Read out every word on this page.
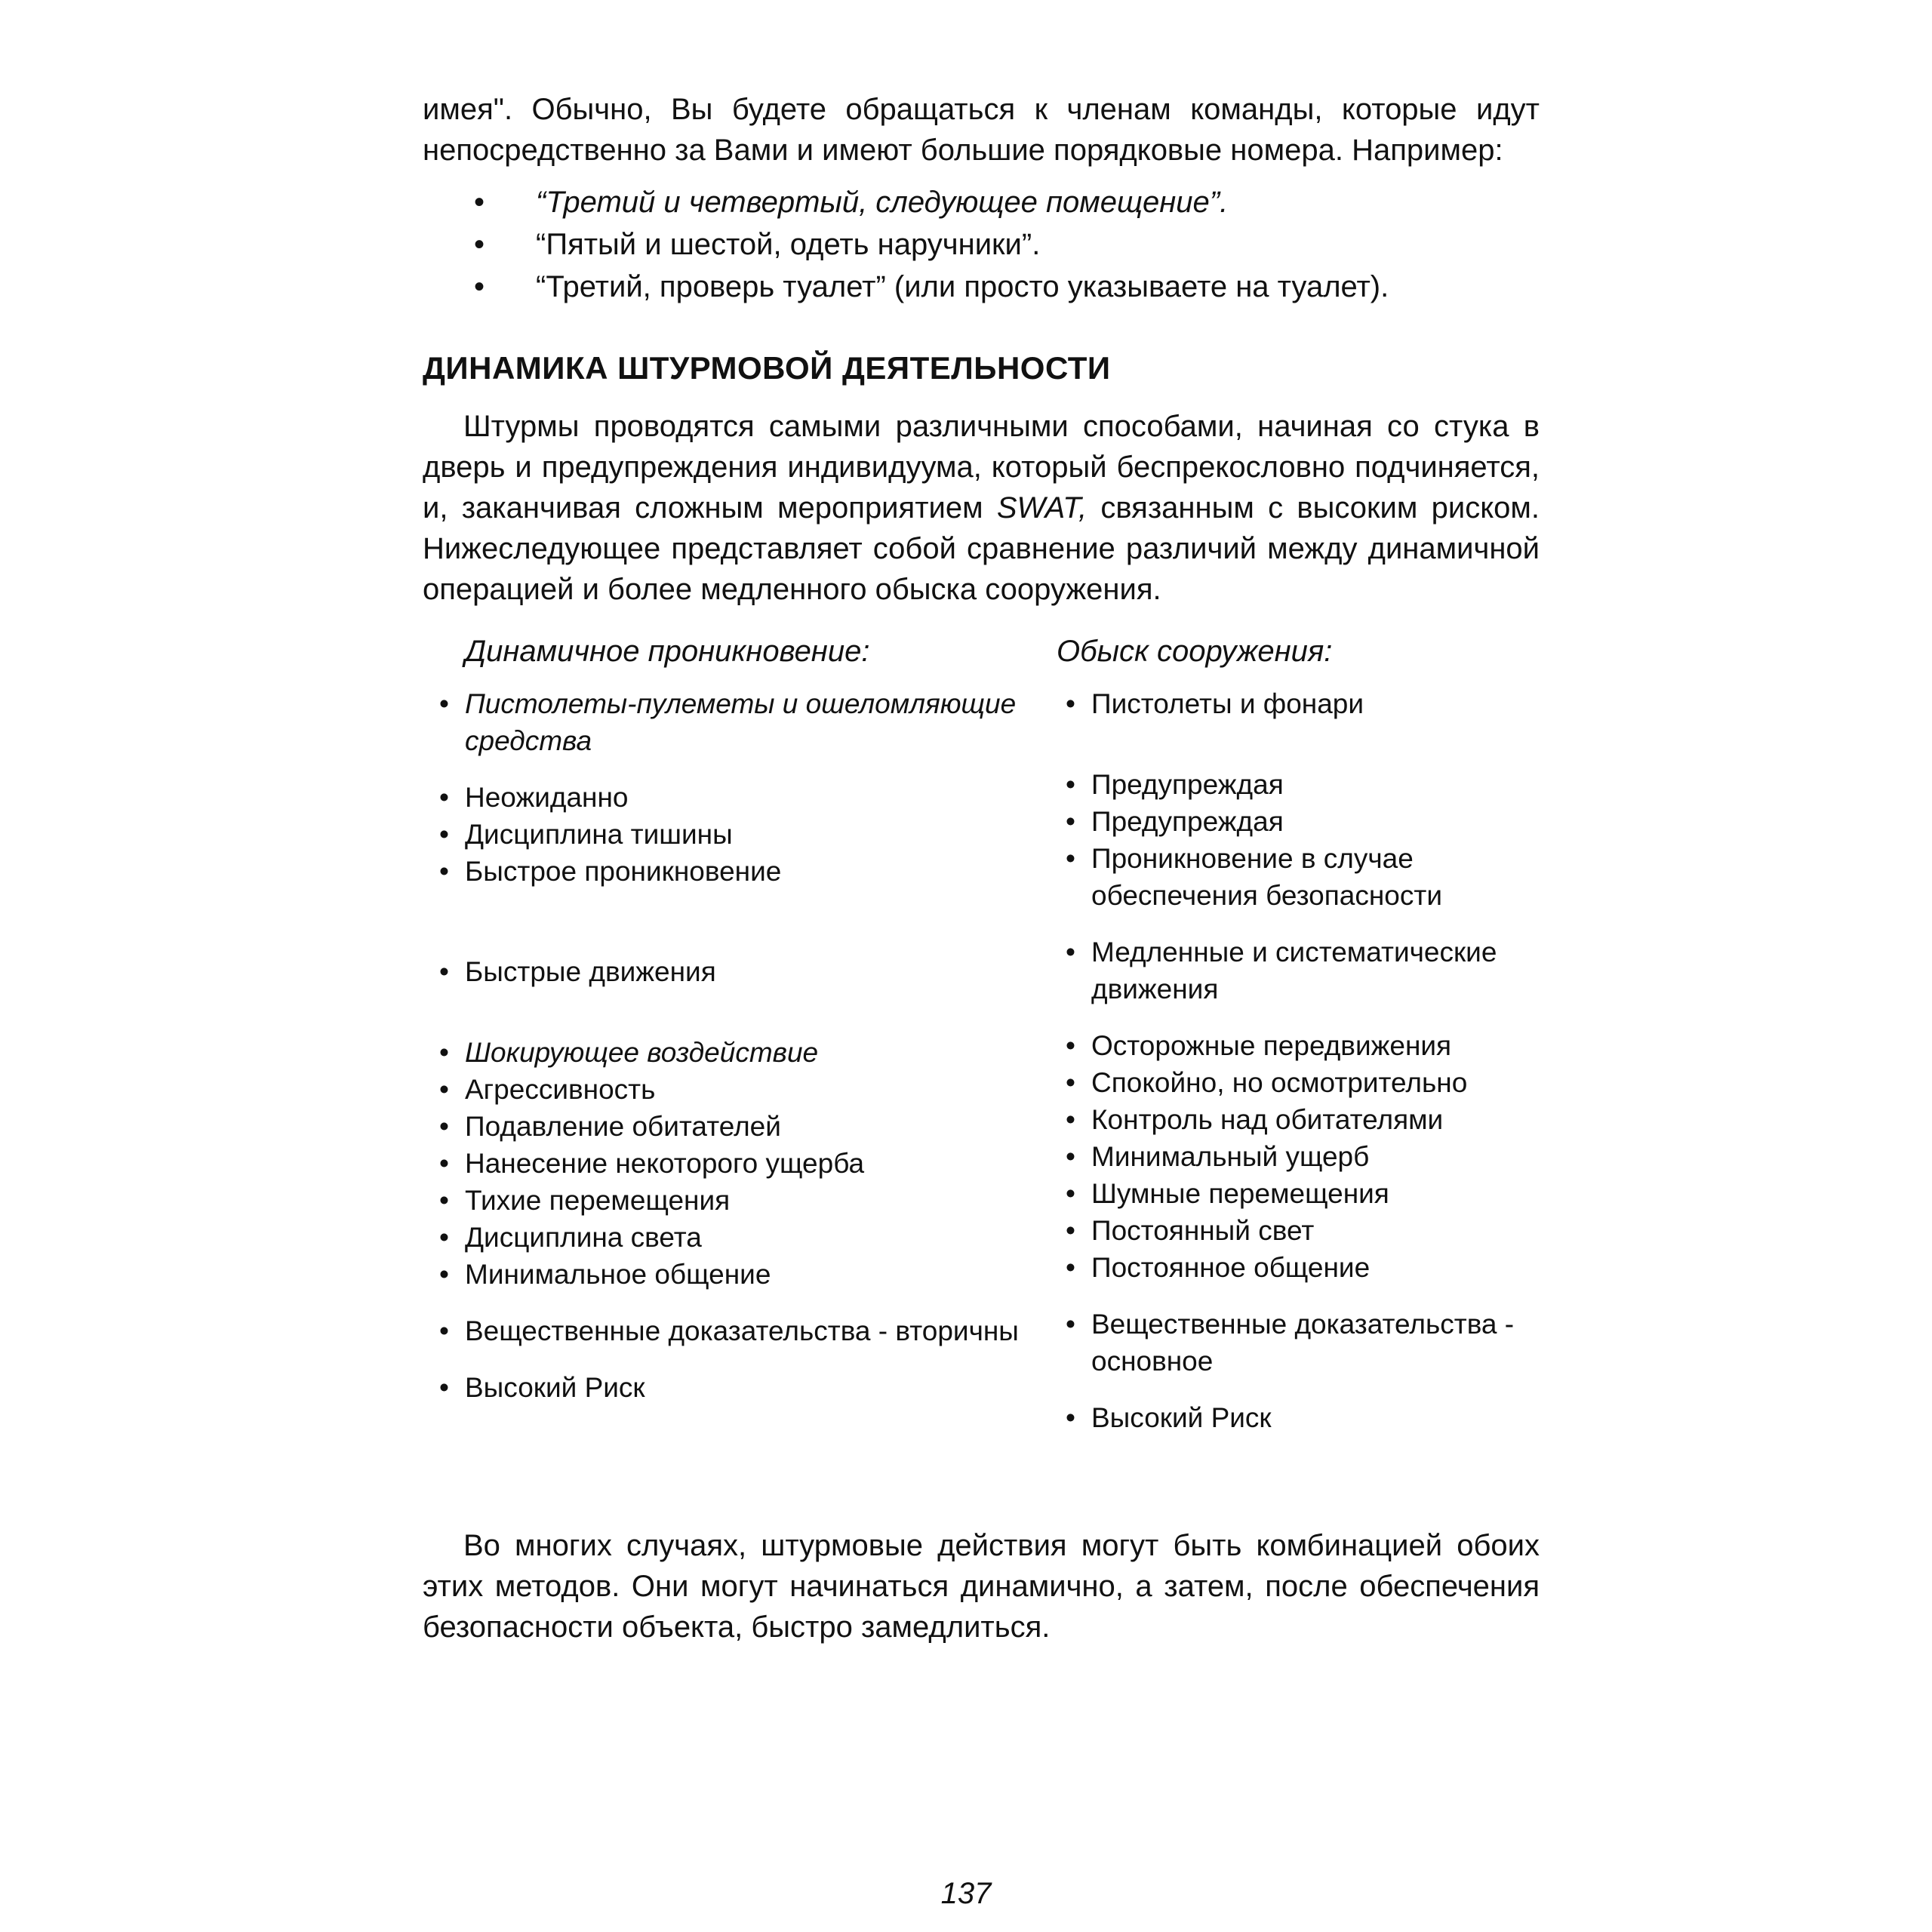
имея". Обычно, Вы будете обращаться к членам команды, которые идут непосредственно за Вами и имеют большие порядковые номера. Например:

• “Третий и четвертый, следующее помещение”.
• “Пятый и шестой, одеть наручники”.
• “Третий, проверь туалет” (или просто указываете на туалет).
ДИНАМИКА ШТУРМОВОЙ ДЕЯТЕЛЬНОСТИ

Штурмы проводятся самыми различными способами, начиная со стука в дверь и предупреждения индивидуума, который беспрекословно подчиняется, и, заканчивая сложным мероприятием SWAT, связанным с высоким риском. Нижеследующее представляет собой сравнение различий между динамичной операцией и более медленного обыска сооружения.

Динамичное проникновение:

• Пистолеты-пулеметы и ошеломляющие средства
• Неожиданно
• Дисциплина тишины
• Быстрое проникновение
• Быстрые движения
• Шокирующее воздействие
• Агрессивность
• Подавление обитателей
• Нанесение некоторого ущерба
• Тихие перемещения
• Дисциплина света
• Минимальное общение
• Вещественные доказательства - вторичны
• Высокий Риск

Обыск сооружения:

• Пистолеты и фонари
• Предупреждая
• Предупреждая
• Проникновение в случае обеспечения безопасности
• Медленные и систематические движения
• Осторожные передвижения
• Спокойно, но осмотрительно
• Контроль над обитателями
• Минимальный ущерб
• Шумные перемещения
• Постоянный свет
• Постоянное общение
• Вещественные доказательства - основное
• Высокий Риск

Во многих случаях, штурмовые действия могут быть комбинацией обоих этих методов. Они могут начинаться динамично, а затем, после обеспечения безопасности объекта, быстро замедлиться.

137
